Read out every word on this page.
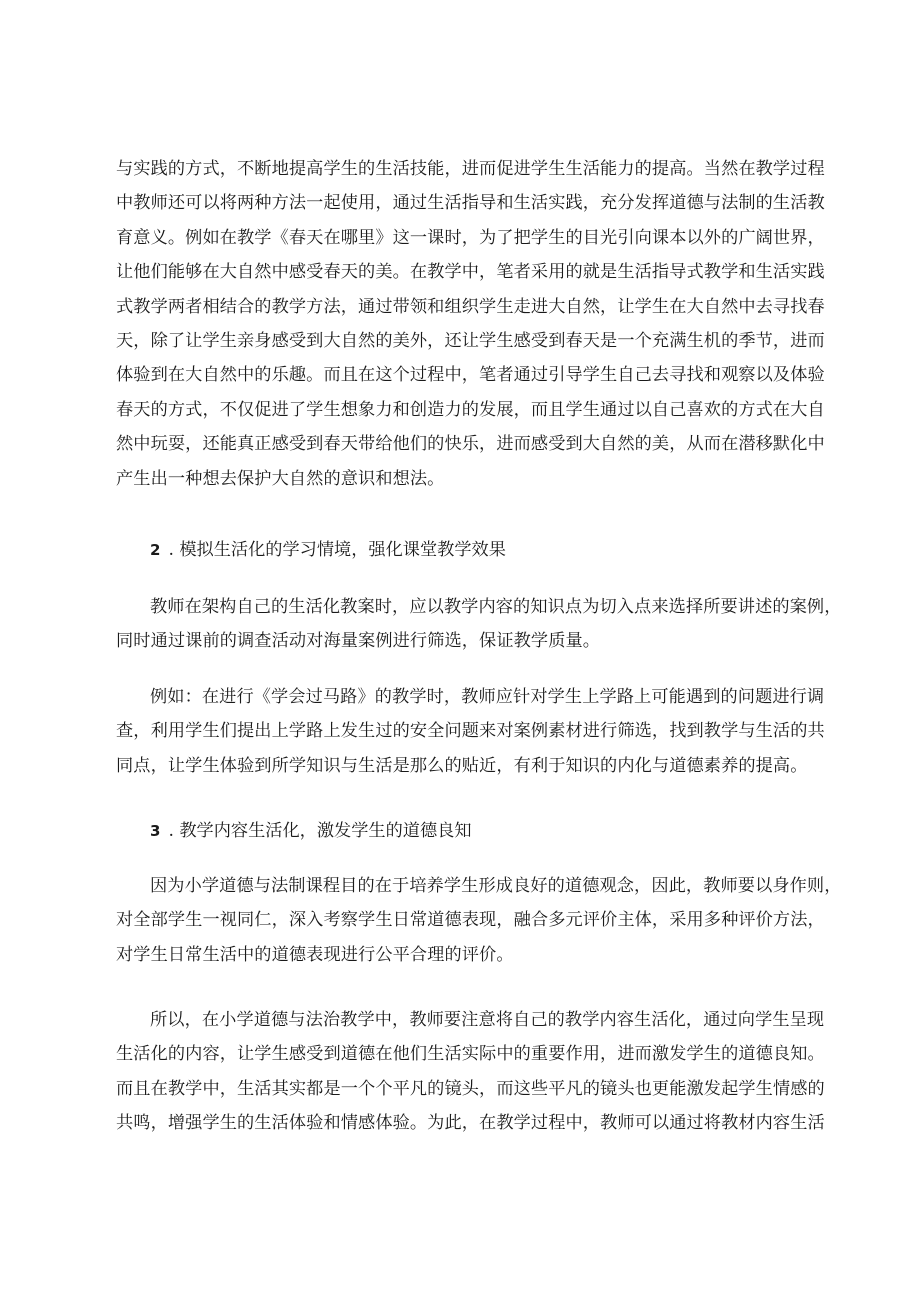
与实践的方式，不断地提高学生的生活技能，进而促进学生生活能力的提高。当然在教学过程
中教师还可以将两种方法一起使用，通过生活指导和生活实践，充分发挥道德与法制的生活教
育意义。例如在教学《春天在哪里》这一课时，为了把学生的目光引向课本以外的广阔世界，
让他们能够在大自然中感受春天的美。在教学中，笔者采用的就是生活指导式教学和生活实践
式教学两者相结合的教学方法，通过带领和组织学生走进大自然，让学生在大自然中去寻找春
天，除了让学生亲身感受到大自然的美外，还让学生感受到春天是一个充满生机的季节，进而
体验到在大自然中的乐趣。而且在这个过程中，笔者通过引导学生自己去寻找和观察以及体验
春天的方式，不仅促进了学生想象力和创造力的发展，而且学生通过以自己喜欢的方式在大自
然中玩耍，还能真正感受到春天带给他们的快乐，进而感受到大自然的美，从而在潜移默化中
产生出一种想去保护大自然的意识和想法。
2 . 模拟生活化的学习情境，强化课堂教学效果
教师在架构自己的生活化教案时，应以教学内容的知识点为切入点来选择所要讲述的案例，
同时通过课前的调查活动对海量案例进行筛选，保证教学质量。
例如：在进行《学会过马路》的教学时，教师应针对学生上学路上可能遇到的问题进行调
查，利用学生们提出上学路上发生过的安全问题来对案例素材进行筛选，找到教学与生活的共
同点，让学生体验到所学知识与生活是那么的贴近，有利于知识的内化与道德素养的提高。
3 . 教学内容生活化，激发学生的道德良知
因为小学道德与法制课程目的在于培养学生形成良好的道德观念，因此，教师要以身作则，
对全部学生一视同仁，深入考察学生日常道德表现，融合多元评价主体，采用多种评价方法，
对学生日常生活中的道德表现进行公平合理的评价。
所以，在小学道德与法治教学中，教师要注意将自己的教学内容生活化，通过向学生呈现
生活化的内容，让学生感受到道德在他们生活实际中的重要作用，进而激发学生的道德良知。
而且在教学中，生活其实都是一个个平凡的镜头，而这些平凡的镜头也更能激发起学生情感的
共鸣，增强学生的生活体验和情感体验。为此，在教学过程中，教师可以通过将教材内容生活
